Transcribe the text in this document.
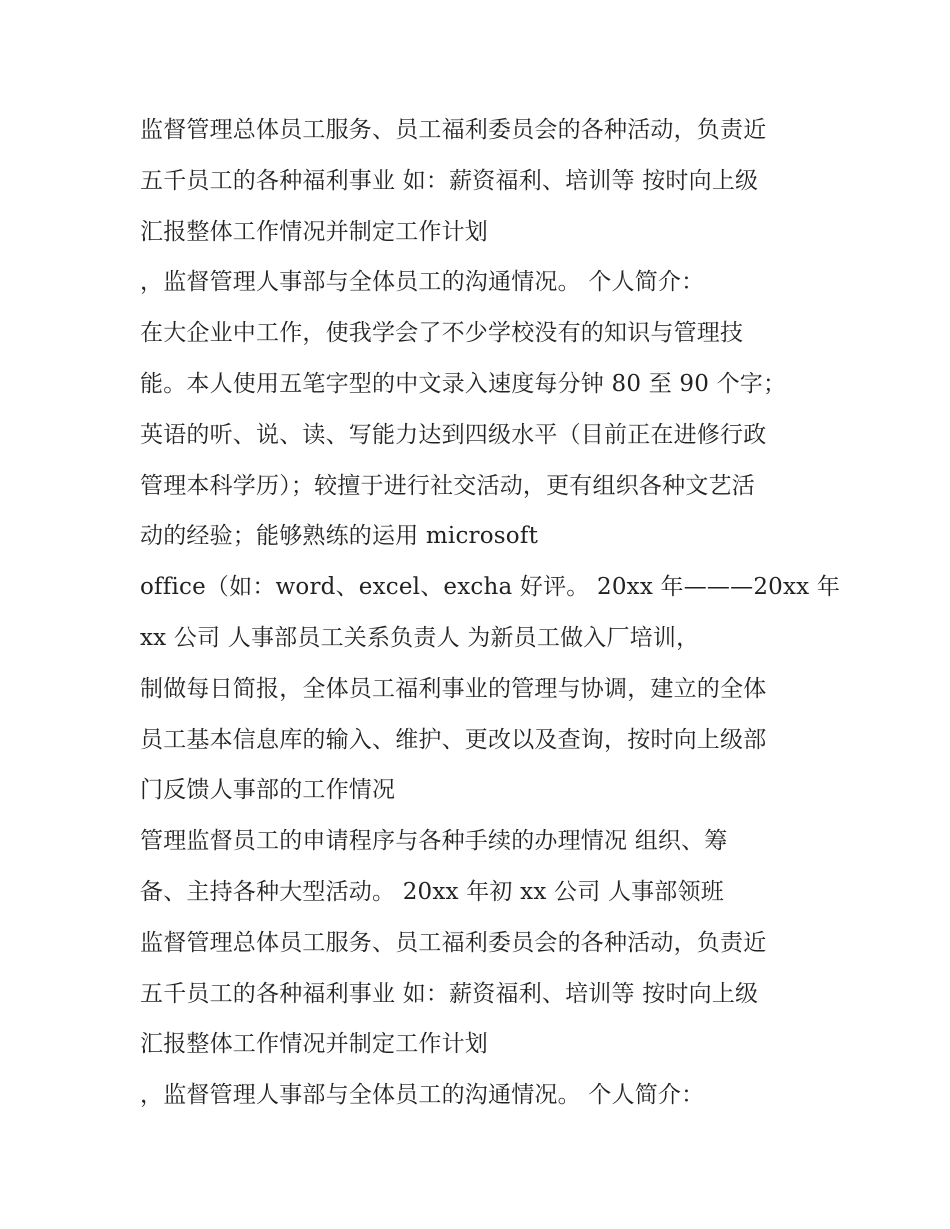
监督管理总体员工服务、员工福利委员会的各种活动，负责近
五千员工的各种福利事业 如：薪资福利、培训等 按时向上级
汇报整体工作情况并制定工作计划
，监督管理人事部与全体员工的沟通情况。 个人简介：
在大企业中工作，使我学会了不少学校没有的知识与管理技
能。本人使用五笔字型的中文录入速度每分钟 80 至 90 个字；
英语的听、说、读、写能力达到四级水平（目前正在进修行政
管理本科学历）；较擅于进行社交活动，更有组织各种文艺活
动的经验；能够熟练的运用 microsoft
office（如：word、excel、excha 好评。 20xx 年———20xx 年
xx 公司 人事部员工关系负责人 为新员工做入厂培训，
制做每日简报，全体员工福利事业的管理与协调，建立的全体
员工基本信息库的输入、维护、更改以及查询，按时向上级部
门反馈人事部的工作情况
管理监督员工的申请程序与各种手续的办理情况 组织、筹
备、主持各种大型活动。 20xx 年初 xx 公司 人事部领班
监督管理总体员工服务、员工福利委员会的各种活动，负责近
五千员工的各种福利事业 如：薪资福利、培训等 按时向上级
汇报整体工作情况并制定工作计划
，监督管理人事部与全体员工的沟通情况。 个人简介：
